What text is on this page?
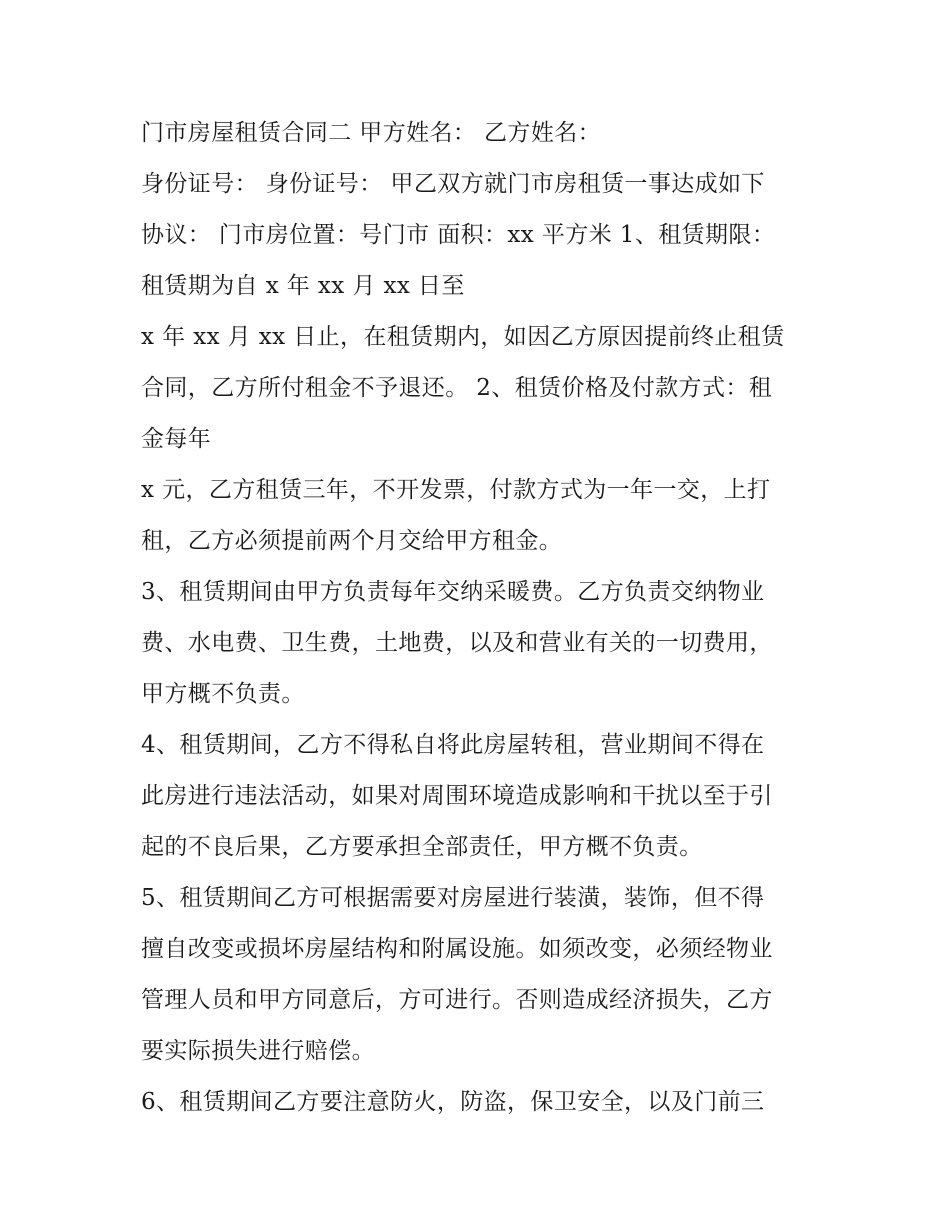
门市房屋租赁合同二 甲方姓名： 乙方姓名：
身份证号： 身份证号： 甲乙双方就门市房租赁一事达成如下
协议： 门市房位置：号门市 面积：xx 平方米 1、租赁期限：
租赁期为自 x 年 xx 月 xx 日至
x 年 xx 月 xx 日止，在租赁期内，如因乙方原因提前终止租赁
合同，乙方所付租金不予退还。 2、租赁价格及付款方式：租
金每年
x 元，乙方租赁三年，不开发票，付款方式为一年一交，上打
租，乙方必须提前两个月交给甲方租金。
3、租赁期间由甲方负责每年交纳采暖费。乙方负责交纳物业
费、水电费、卫生费，土地费，以及和营业有关的一切费用，
甲方概不负责。
4、租赁期间，乙方不得私自将此房屋转租，营业期间不得在
此房进行违法活动，如果对周围环境造成影响和干扰以至于引
起的不良后果，乙方要承担全部责任，甲方概不负责。
5、租赁期间乙方可根据需要对房屋进行装潢，装饰，但不得
擅自改变或损坏房屋结构和附属设施。如须改变，必须经物业
管理人员和甲方同意后，方可进行。否则造成经济损失，乙方
要实际损失进行赔偿。
6、租赁期间乙方要注意防火，防盗，保卫安全，以及门前三
